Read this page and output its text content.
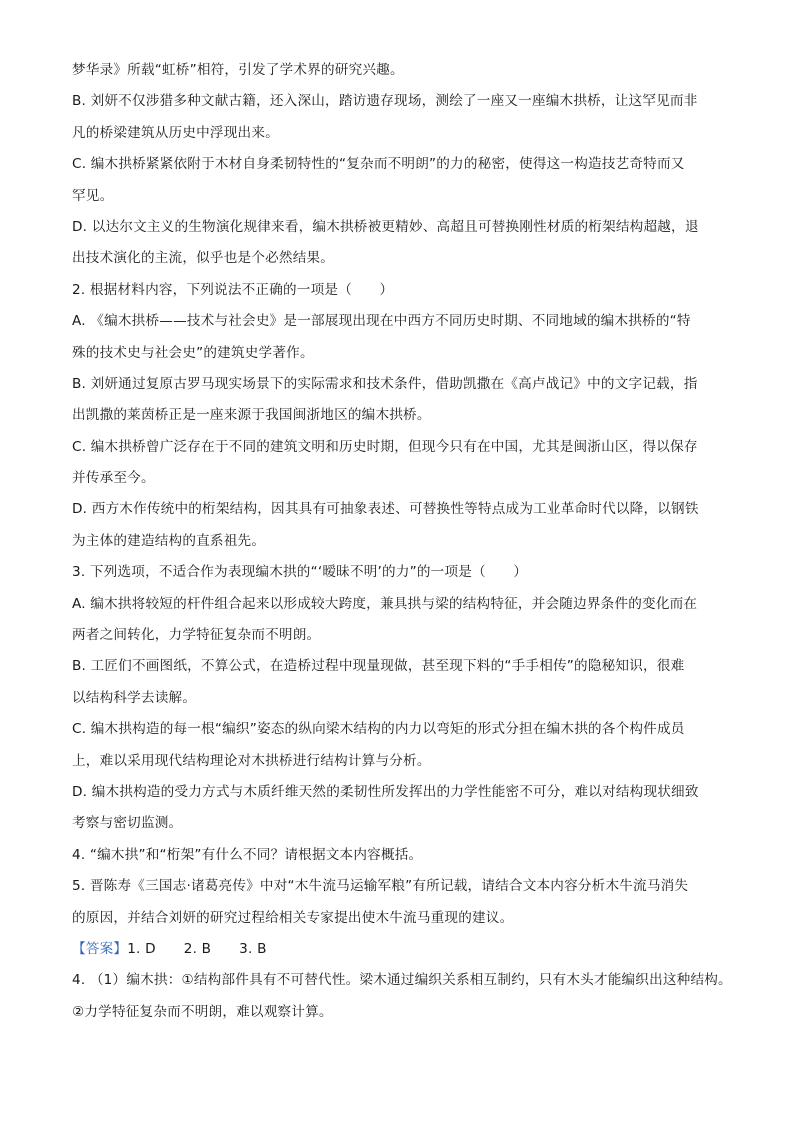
梦华录》所载“虹桥”相符，引发了学术界的研究兴趣。
B. 刘妍不仅涉猎多种文献古籍，还入深山，踏访遗存现场，测绘了一座又一座编木拱桥，让这罕见而非
凡的桥梁建筑从历史中浮现出来。
C. 编木拱桥紧紧依附于木材自身柔韧特性的“复杂而不明朗”的力的秘密，使得这一构造技艺奇特而又
罕见。
D. 以达尔文主义的生物演化规律来看，编木拱桥被更精妙、高超且可替换刚性材质的桁架结构超越，退
出技术演化的主流，似乎也是个必然结果。
2. 根据材料内容，下列说法不正确的一项是（　　）
A. 《编木拱桥——技术与社会史》是一部展现出现在中西方不同历史时期、不同地域的编木拱桥的“特
殊的技术史与社会史”的建筑史学著作。
B. 刘妍通过复原古罗马现实场景下的实际需求和技术条件，借助凯撒在《高卢战记》中的文字记载，指
出凯撒的莱茵桥正是一座来源于我国闽浙地区的编木拱桥。
C. 编木拱桥曾广泛存在于不同的建筑文明和历史时期，但现今只有在中国，尤其是闽浙山区，得以保存
并传承至今。
D. 西方木作传统中的桁架结构，因其具有可抽象表述、可替换性等特点成为工业革命时代以降，以钢铁
为主体的建造结构的直系祖先。
3. 下列选项，不适合作为表现编木拱的“‘暧昧不明’的力”的一项是（　　）
A. 编木拱将较短的杆件组合起来以形成较大跨度，兼具拱与梁的结构特征，并会随边界条件的变化而在
两者之间转化，力学特征复杂而不明朗。
B. 工匠们不画图纸，不算公式，在造桥过程中现量现做，甚至现下料的“手手相传”的隐秘知识，很难
以结构科学去读解。
C. 编木拱构造的每一根“编织”姿态的纵向梁木结构的内力以弯矩的形式分担在编木拱的各个构件成员
上，难以采用现代结构理论对木拱桥进行结构计算与分析。
D. 编木拱构造的受力方式与木质纤维天然的柔韧性所发挥出的力学性能密不可分，难以对结构现状细致
考察与密切监测。
4. “编木拱”和“桁架”有什么不同？请根据文本内容概括。
5. 晋陈寿《三国志·诸葛亮传》中对“木牛流马运输军粮”有所记载，请结合文本内容分析木牛流马消失
的原因，并结合刘妍的研究过程给相关专家提出使木牛流马重现的建议。
【答案】1. D 2. B 3. B
4. （1）编木拱：①结构部件具有不可替代性。梁木通过编织关系相互制约，只有木头才能编织出这种结构。
②力学特征复杂而不明朗，难以观察计算。
